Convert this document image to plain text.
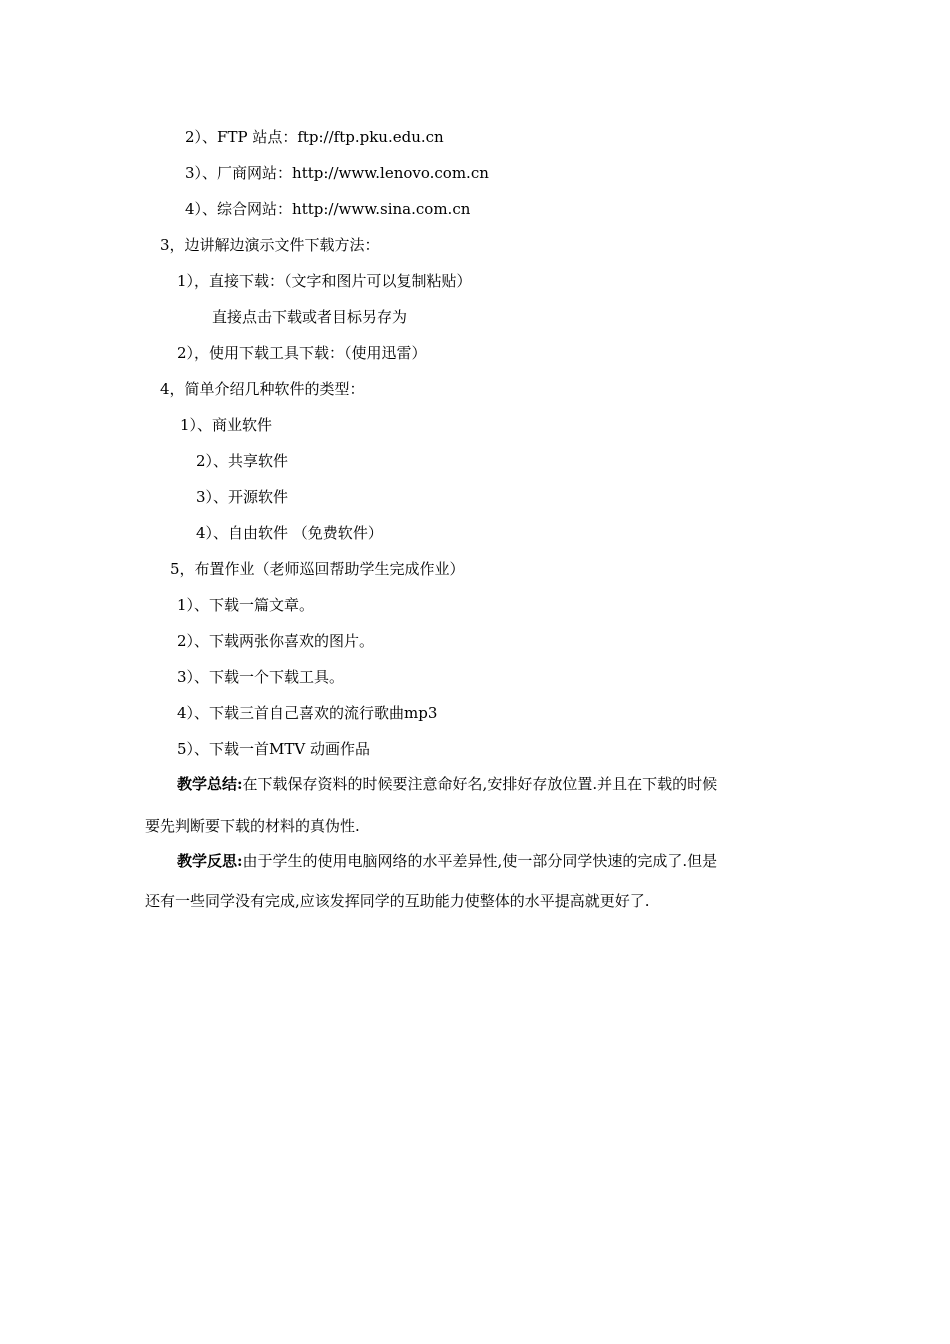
2）、FTP 站点：ftp://ftp.pku.edu.cn
3）、厂商网站：http://www.lenovo.com.cn
4）、综合网站：http://www.sina.com.cn
3，边讲解边演示文件下载方法：
1），直接下载：（文字和图片可以复制粘贴）
直接点击下载或者目标另存为
2），使用下载工具下载：（使用迅雷）
4，简单介绍几种软件的类型：
1）、商业软件
2）、共享软件
3）、开源软件
4）、自由软件 （免费软件）
5，布置作业（老师巡回帮助学生完成作业）
1）、下载一篇文章。
2）、下载两张你喜欢的图片。
3）、下载一个下载工具。
4）、下载三首自己喜欢的流行歌曲mp3
5）、下载一首MTV 动画作品
教学总结:在下载保存资料的时候要注意命好名,安排好存放位置.并且在下载的时候
要先判断要下载的材料的真伪性.
教学反思:由于学生的使用电脑网络的水平差异性,使一部分同学快速的完成了.但是
还有一些同学没有完成,应该发挥同学的互助能力使整体的水平提高就更好了.
